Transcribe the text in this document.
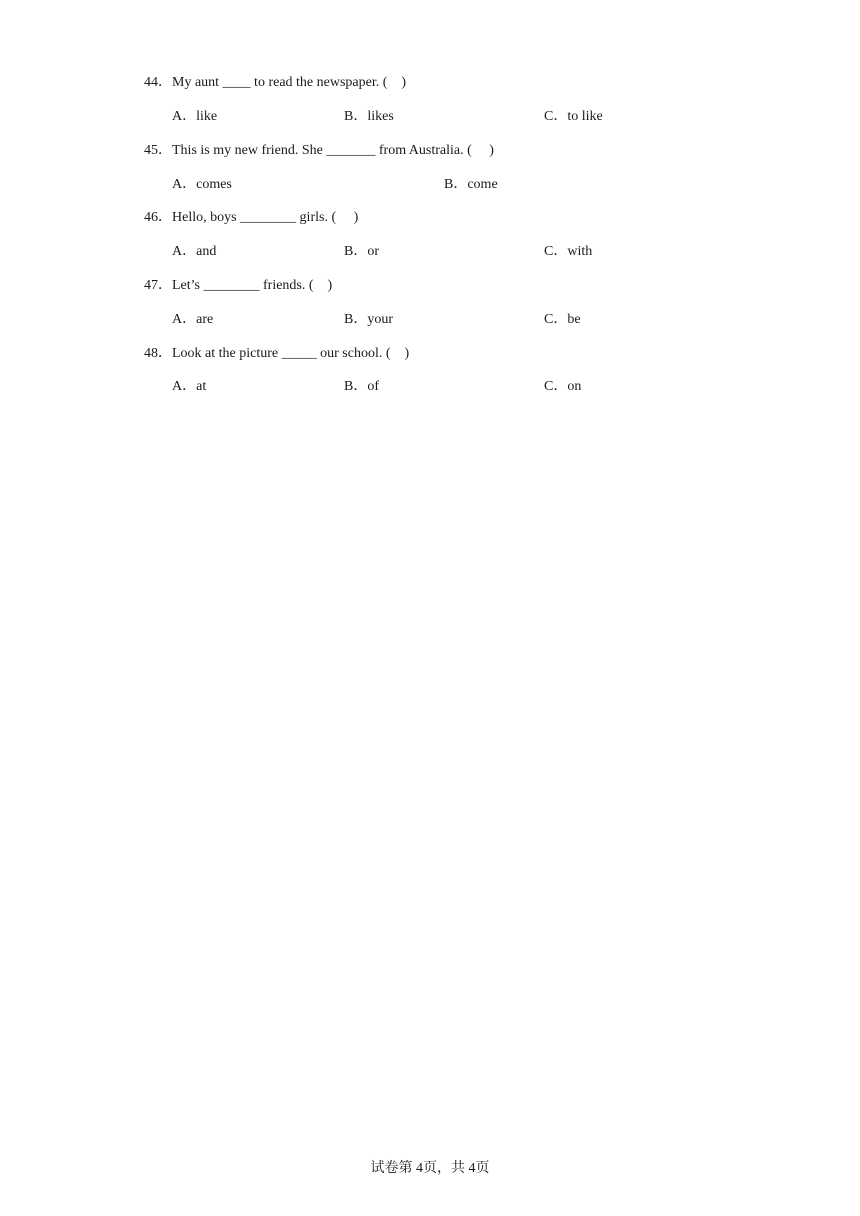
44．My aunt ____ to read the newspaper. (    )
A．like	B．likes	C．to like
45．This is my new friend. She _______ from Australia. (     )
A．comes	B．come
46．Hello, boys ________ girls. (     )
A．and	B．or	C．with
47．Let’s ________ friends. (    )
A．are	B．your	C．be
48．Look at the picture _____ our school. (    )
A．at	B．of	C．on
试卷第 4页，共 4页
